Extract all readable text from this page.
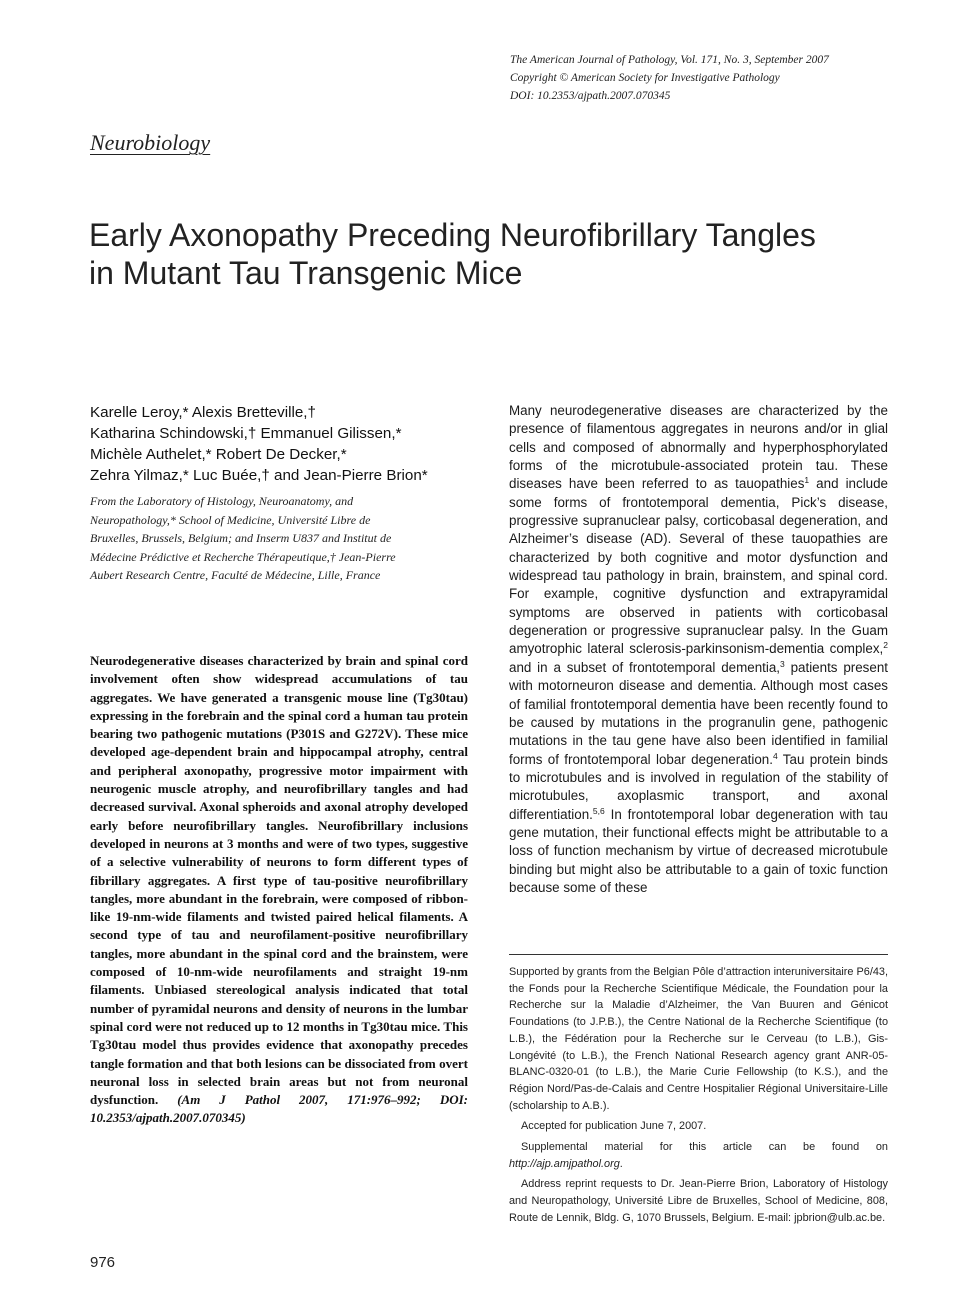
The American Journal of Pathology, Vol. 171, No. 3, September 2007
Copyright © American Society for Investigative Pathology
DOI: 10.2353/ajpath.2007.070345
Neurobiology
Early Axonopathy Preceding Neurofibrillary Tangles
in Mutant Tau Transgenic Mice
Karelle Leroy,* Alexis Bretteville,†
Katharina Schindowski,† Emmanuel Gilissen,*
Michèle Authelet,* Robert De Decker,*
Zehra Yilmaz,* Luc Buée,† and Jean-Pierre Brion*
From the Laboratory of Histology, Neuroanatomy, and
Neuropathology,* School of Medicine, Université Libre de
Bruxelles, Brussels, Belgium; and Inserm U837 and Institut de
Médecine Prédictive et Recherche Thérapeutique,† Jean-Pierre
Aubert Research Centre, Faculté de Médecine, Lille, France
Neurodegenerative diseases characterized by brain and spinal cord involvement often show widespread accumulations of tau aggregates. We have generated a transgenic mouse line (Tg30tau) expressing in the forebrain and the spinal cord a human tau protein bearing two pathogenic mutations (P301S and G272V). These mice developed age-dependent brain and hippocampal atrophy, central and peripheral axonopathy, progressive motor impairment with neurogenic muscle atrophy, and neurofibrillary tangles and had decreased survival. Axonal spheroids and axonal atrophy developed early before neurofibrillary tangles. Neurofibrillary inclusions developed in neurons at 3 months and were of two types, suggestive of a selective vulnerability of neurons to form different types of fibrillary aggregates. A first type of tau-positive neurofibrillary tangles, more abundant in the forebrain, were composed of ribbon-like 19-nm-wide filaments and twisted paired helical filaments. A second type of tau and neurofilament-positive neurofibrillary tangles, more abundant in the spinal cord and the brainstem, were composed of 10-nm-wide neurofilaments and straight 19-nm filaments. Unbiased stereological analysis indicated that total number of pyramidal neurons and density of neurons in the lumbar spinal cord were not reduced up to 12 months in Tg30tau mice. This Tg30tau model thus provides evidence that axonopathy precedes tangle formation and that both lesions can be dissociated from overt neuronal loss in selected brain areas but not from neuronal dysfunction. (Am J Pathol 2007, 171:976–992; DOI: 10.2353/ajpath.2007.070345)
Many neurodegenerative diseases are characterized by the presence of filamentous aggregates in neurons and/or in glial cells and composed of abnormally and hyperphosphorylated forms of the microtubule-associated protein tau. These diseases have been referred to as tauopathies$^1$ and include some forms of frontotemporal dementia, Pick’s disease, progressive supranuclear palsy, corticobasal degeneration, and Alzheimer’s disease (AD). Several of these tauopathies are characterized by both cognitive and motor dysfunction and widespread tau pathology in brain, brainstem, and spinal cord. For example, cognitive dysfunction and extrapyramidal symptoms are observed in patients with corticobasal degeneration or progressive supranuclear palsy. In the Guam amyotrophic lateral sclerosis-parkinsonism-dementia complex,$^2$ and in a subset of frontotemporal dementia,$^3$ patients present with motorneuron disease and dementia. Although most cases of familial frontotemporal dementia have been recently found to be caused by mutations in the progranulin gene, pathogenic mutations in the tau gene have also been identified in familial forms of frontotemporal lobar degeneration.$^4$ Tau protein binds to microtubules and is involved in regulation of the stability of microtubules, axoplasmic transport, and axonal differentiation.$^{5,6}$ In frontotemporal lobar degeneration with tau gene mutation, their functional effects might be attributable to a loss of function mechanism by virtue of decreased microtubule binding but might also be attributable to a gain of toxic function because some of these

Supported by grants from the Belgian Pôle d’attraction interuniversitaire P6/43, the Fonds pour la Recherche Scientifique Médicale, the Foundation pour la Recherche sur la Maladie d’Alzheimer, the Van Buuren and Génicot Foundations (to J.P.B.), the Centre National de la Recherche Scientifique (to L.B.), the Fédération pour la Recherche sur le Cerveau (to L.B.), Gis-Longévité (to L.B.), the French National Research agency grant ANR-05-BLANC-0320-01 (to L.B.), the Marie Curie Fellowship (to K.S.), and the Région Nord/Pas-de-Calais and Centre Hospitalier Régional Universitaire-Lille (scholarship to A.B.).

Accepted for publication June 7, 2007.

Supplemental material for this article can be found on http://ajp.amjpathol.org.

Address reprint requests to Dr. Jean-Pierre Brion, Laboratory of Histology and Neuropathology, Université Libre de Bruxelles, School of Medicine, 808, Route de Lennik, Bldg. G, 1070 Brussels, Belgium. E-mail: jpbrion@ulb.ac.be.

976
